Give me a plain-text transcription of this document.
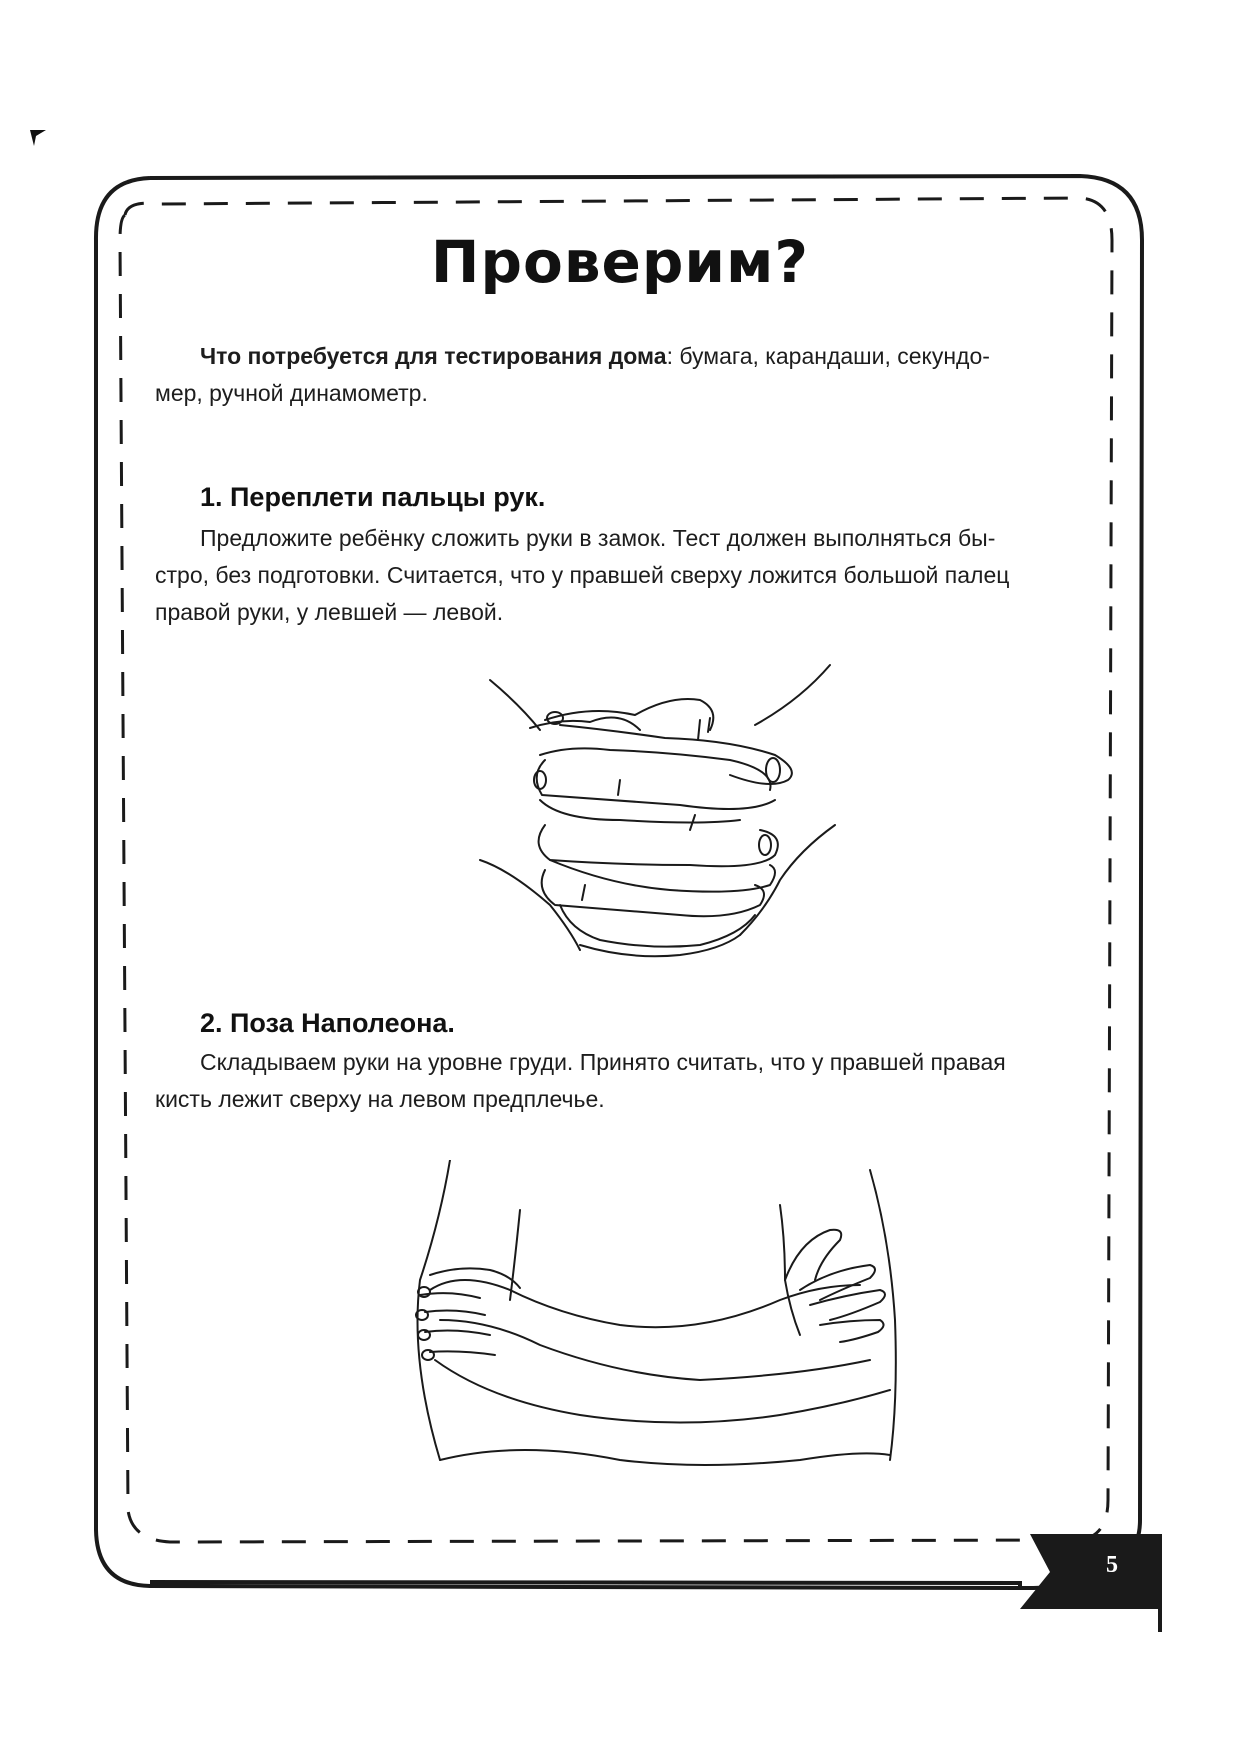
Проверим?
Что потребуется для тестирования дома: бумага, карандаши, секундо-
мер, ручной динамометр.
1. Переплети пальцы рук.
Предложите ребёнку сложить руки в замок. Тест должен выполняться бы-
стро, без подготовки. Считается, что у правшей сверху ложится большой палец
правой руки, у левшей — левой.
2. Поза Наполеона.
Складываем руки на уровне груди. Принято считать, что у правшей правая
кисть лежит сверху на левом предплечье.
5
